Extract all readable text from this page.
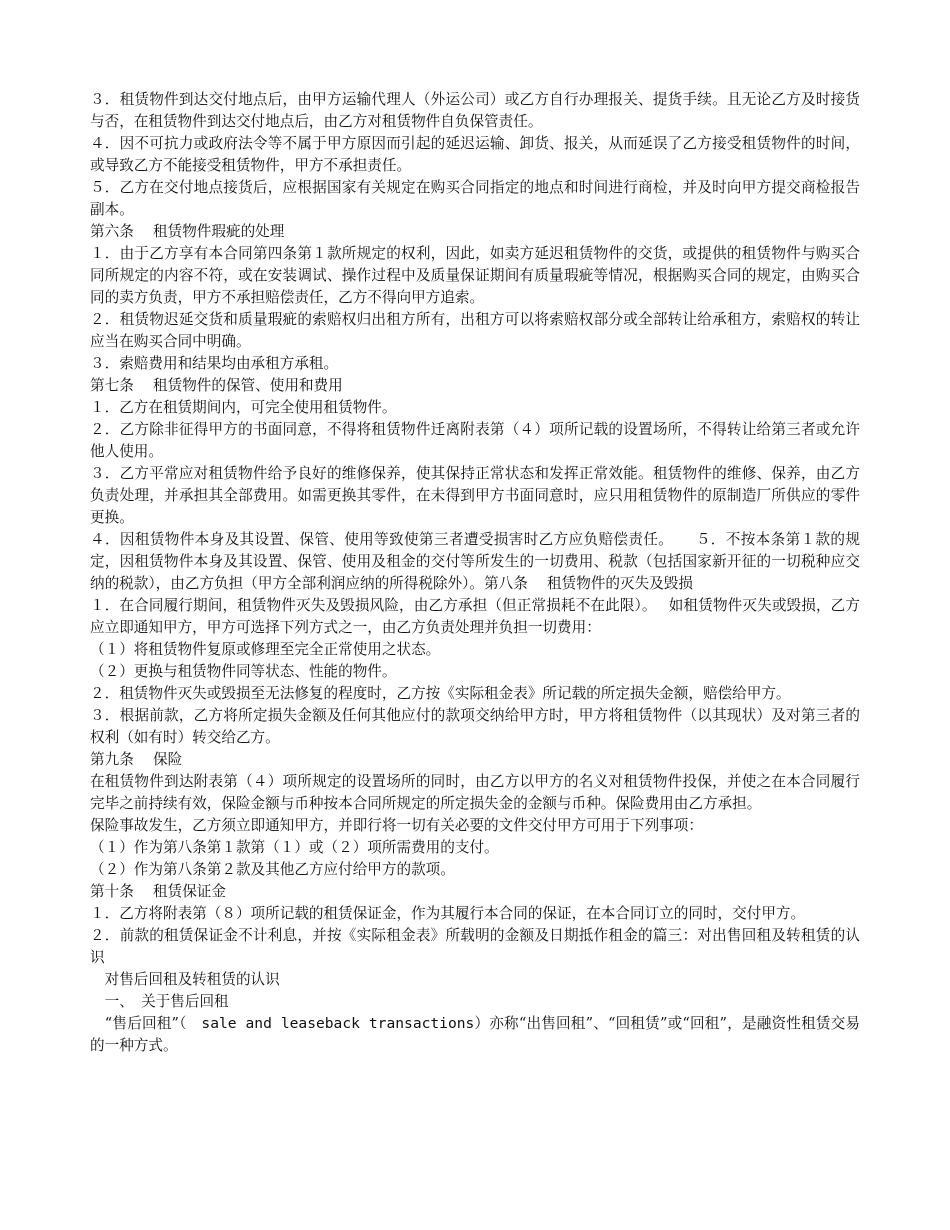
３．租赁物件到达交付地点后，由甲方运输代理人（外运公司）或乙方自行办理报关、提货手续。且无论乙方及时接货与否，在租赁物件到达交付地点后，由乙方对租赁物件自负保管责任。

４．因不可抗力或政府法令等不属于甲方原因而引起的延迟运输、卸货、报关，从而延误了乙方接受租赁物件的时间，或导致乙方不能接受租赁物件，甲方不承担责任。

５．乙方在交付地点接货后，应根据国家有关规定在购买合同指定的地点和时间进行商检，并及时向甲方提交商检报告副本。

第六条　 租赁物件瑕疵的处理

１．由于乙方享有本合同第四条第１款所规定的权利，因此，如卖方延迟租赁物件的交货，或提供的租赁物件与购买合同所规定的内容不符，或在安装调试、操作过程中及质量保证期间有质量瑕疵等情况，根据购买合同的规定，由购买合同的卖方负责，甲方不承担赔偿责任，乙方不得向甲方追索。

２．租赁物迟延交货和质量瑕疵的索赔权归出租方所有，出租方可以将索赔权部分或全部转让给承租方，索赔权的转让应当在购买合同中明确。

３．索赔费用和结果均由承租方承租。

第七条　 租赁物件的保管、使用和费用

１．乙方在租赁期间内，可完全使用租赁物件。

２．乙方除非征得甲方的书面同意，不得将租赁物件迁离附表第（４）项所记载的设置场所，不得转让给第三者或允许他人使用。

３．乙方平常应对租赁物件给予良好的维修保养，使其保持正常状态和发挥正常效能。租赁物件的维修、保养，由乙方负责处理，并承担其全部费用。如需更换其零件，在未得到甲方书面同意时，应只用租赁物件的原制造厂所供应的零件更换。

４．因租赁物件本身及其设置、保管、使用等致使第三者遭受损害时乙方应负赔偿责任。　　５．不按本条第１款的规定，因租赁物件本身及其设置、保管、使用及租金的交付等所发生的一切费用、税款（包括国家新开征的一切税种应交纳的税款），由乙方负担（甲方全部利润应纳的所得税除外）。第八条　 租赁物件的灭失及毁损

１．在合同履行期间，租赁物件灭失及毁损风险，由乙方承担（但正常损耗不在此限）。　 如租赁物件灭失或毁损，乙方应立即通知甲方，甲方可选择下列方式之一，由乙方负责处理并负担一切费用：

（１）将租赁物件复原或修理至完全正常使用之状态。

（２）更换与租赁物件同等状态、性能的物件。

２．租赁物件灭失或毁损至无法修复的程度时，乙方按《实际租金表》所记载的所定损失金额，赔偿给甲方。

３．根据前款，乙方将所定损失金额及任何其他应付的款项交纳给甲方时，甲方将租赁物件（以其现状）及对第三者的权利（如有时）转交给乙方。

第九条　 保险

在租赁物件到达附表第（４）项所规定的设置场所的同时，由乙方以甲方的名义对租赁物件投保，并使之在本合同履行完毕之前持续有效，保险金额与币种按本合同所规定的所定损失金的金额与币种。保险费用由乙方承担。

保险事故发生，乙方须立即通知甲方，并即行将一切有关必要的文件交付甲方可用于下列事项：

（１）作为第八条第１款第（１）或（２）项所需费用的支付。

（２）作为第八条第２款及其他乙方应付给甲方的款项。

第十条　 租赁保证金

１．乙方将附表第（８）项所记载的租赁保证金，作为其履行本合同的保证，在本合同订立的同时，交付甲方。

２．前款的租赁保证金不计利息，并按《实际租金表》所载明的金额及日期抵作租金的篇三：对出售回租及转租赁的认识

　对售后回租及转租赁的认识

　一、　关于售后回租

　“售后回租”（　sale and leaseback transactions）亦称“出售回租”、“回租赁”或“回租”，是融资性租赁交易的一种方式。
